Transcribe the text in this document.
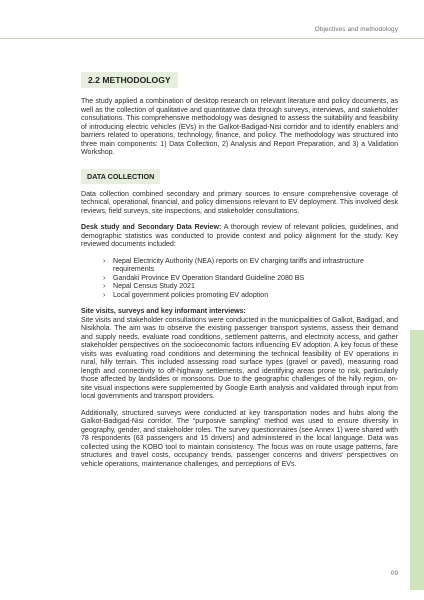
Objectives and methodology
2.2 METHODOLOGY

The study applied a combination of desktop research on relevant literature and policy documents, as well as the collection of qualitative and quantitative data through surveys, interviews, and stakeholder consultations. This comprehensive methodology was designed to assess the suitability and feasibility of introducing electric vehicles (EVs) in the Galkot-Badigad-Nisi corridor and to identify enablers and barriers related to operations, technology, finance, and policy. The methodology was structured into three main components: 1) Data Collection, 2) Analysis and Report Preparation, and 3) a Validation Workshop.

DATA COLLECTION

Data collection combined secondary and primary sources to ensure comprehensive coverage of technical, operational, financial, and policy dimensions relevant to EV deployment. This involved desk reviews, field surveys, site inspections, and stakeholder consultations.

Desk study and Secondary Data Review: A thorough review of relevant policies, guidelines, and demographic statistics was conducted to provide context and policy alignment for the study. Key reviewed documents included:

› Nepal Electricity Authority (NEA) reports on EV charging tariffs and infrastructure requirements
› Gandaki Province EV Operation Standard Guideline 2080 BS
› Nepal Census Study 2021
› Local government policies promoting EV adoption
Site visits, surveys and key informant interviews:

Site visits and stakeholder consultations were conducted in the municipalities of Galkot, Badigad, and Nisikhola. The aim was to observe the existing passenger transport systems, assess their demand and supply needs, evaluate road conditions, settlement patterns, and electricity access, and gather stakeholder perspectives on the socioeconomic factors influencing EV adoption. A key focus of these visits was evaluating road conditions and determining the technical feasibility of EV operations in rural, hilly terrain. This included assessing road surface types (gravel or paved), measuring road length and connectivity to off-highway settlements, and identifying areas prone to risk, particularly those affected by landslides or monsoons. Due to the geographic challenges of the hilly region, on-site visual inspections were supplemented by Google Earth analysis and validated through input from local governments and transport providers.

Additionally, structured surveys were conducted at key transportation nodes and hubs along the Galkot-Badigad-Nisi corridor. The “purposive sampling” method was used to ensure diversity in geography, gender, and stakeholder roles. The survey questionnaires (see Annex 1) were shared with 78 respondents (63 passengers and 15 drivers) and administered in the local language. Data was collected using the KOBO tool to maintain consistency. The focus was on route usage patterns, fare structures and travel costs, occupancy trends, passenger concerns and drivers’ perspectives on vehicle operations, maintenance challenges, and perceptions of EVs.

09
